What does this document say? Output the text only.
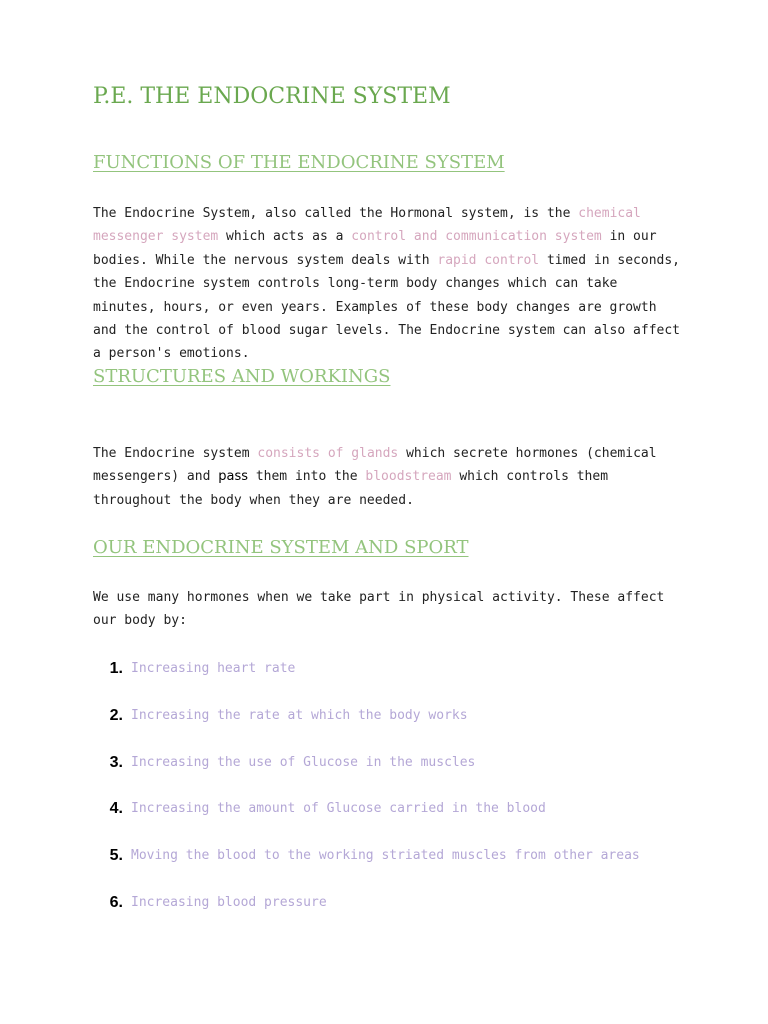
P.E. THE ENDOCRINE SYSTEM
FUNCTIONS OF THE ENDOCRINE SYSTEM

The Endocrine System, also called the Hormonal system, is the chemical messenger system which acts as a control and communication system in our bodies. While the nervous system deals with rapid control timed in seconds, the Endocrine system controls long-term body changes which can take minutes, hours, or even years. Examples of these body changes are growth and the control of blood sugar levels. The Endocrine system can also affect a person's emotions.

STRUCTURES AND WORKINGS

The Endocrine system consists of glands which secrete hormones (chemical messengers) and pass them into the bloodstream which controls them throughout the body when they are needed.

OUR ENDOCRINE SYSTEM AND SPORT

We use many hormones when we take part in physical activity. These affect our body by:

1. Increasing heart rate
2. Increasing the rate at which the body works
3. Increasing the use of Glucose in the muscles
4. Increasing the amount of Glucose carried in the blood
5. Moving the blood to the working striated muscles from other areas
6. Increasing blood pressure
